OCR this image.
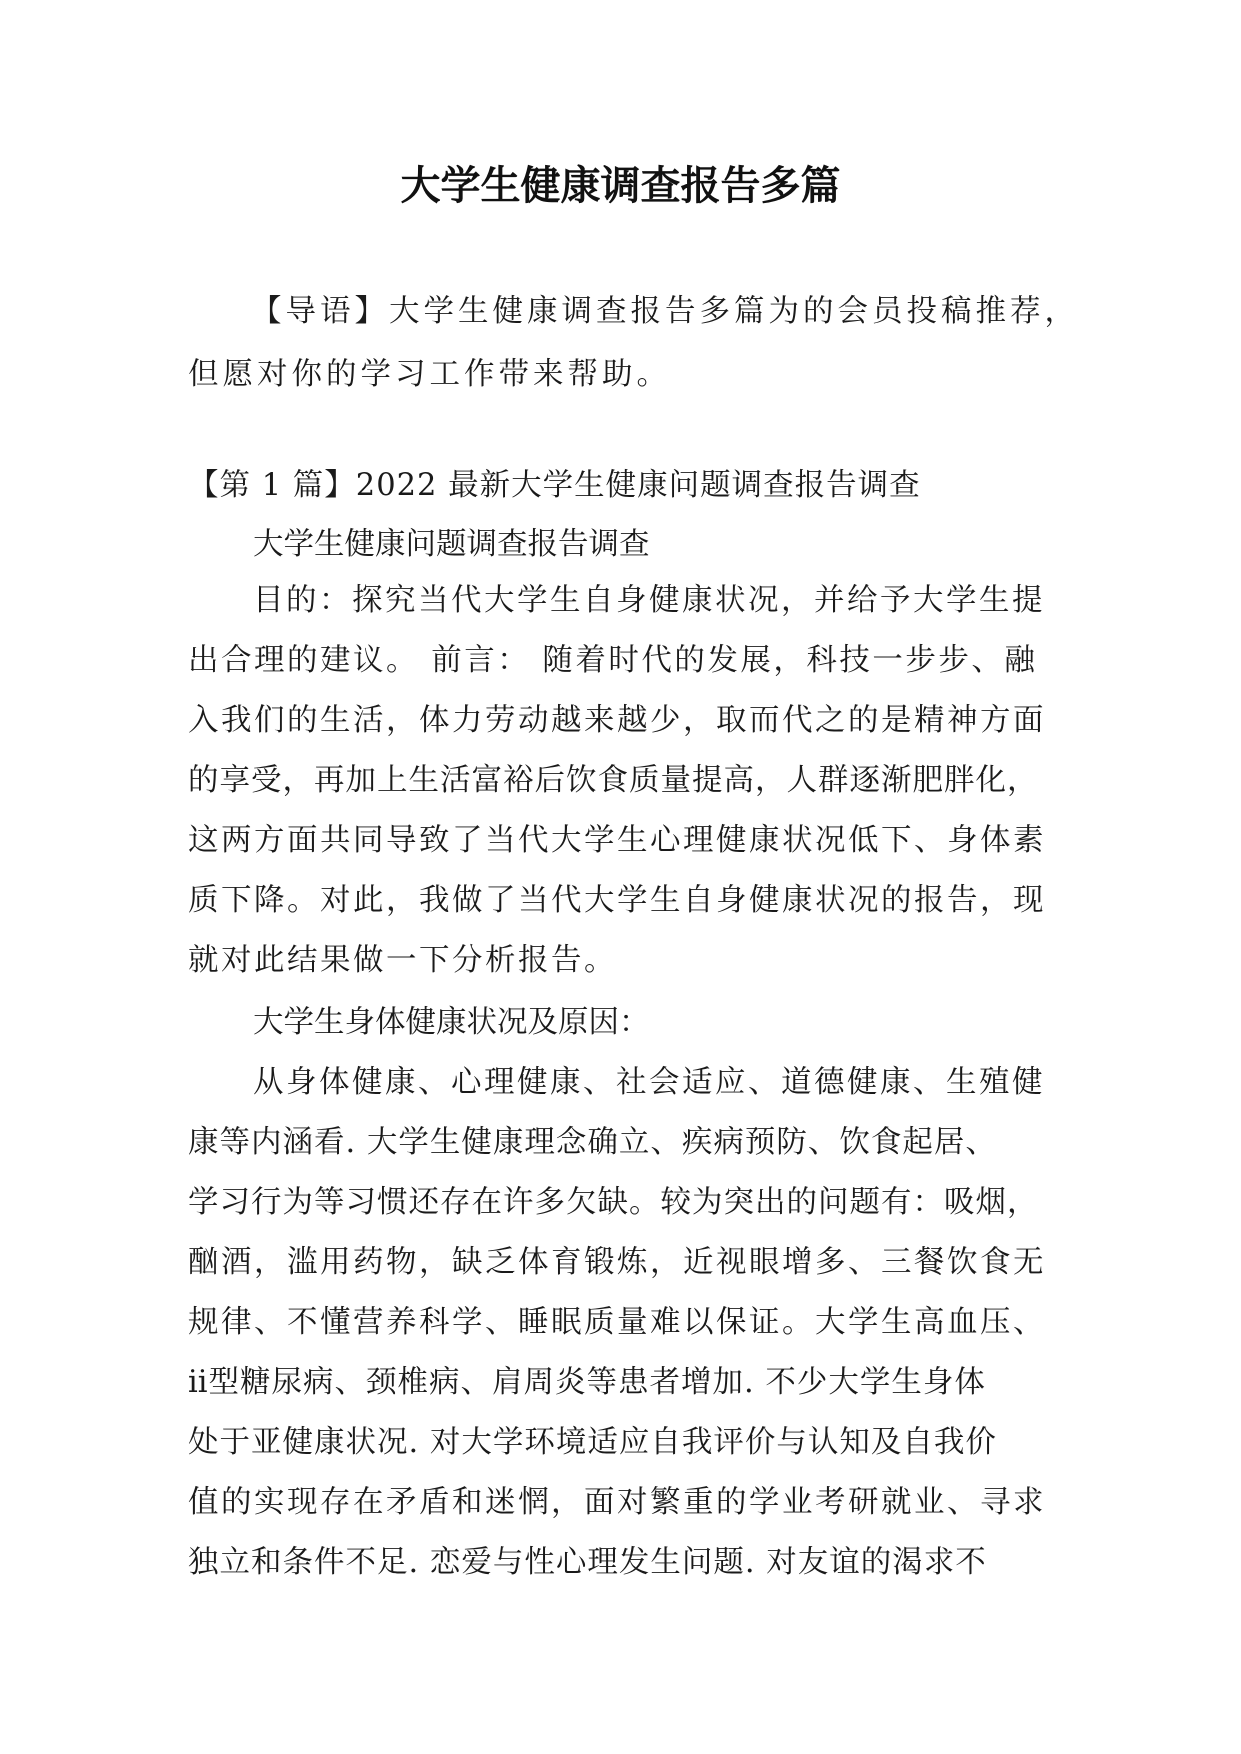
大学生健康调查报告多篇
【导语】大学生健康调查报告多篇为的会员投稿推荐，
但愿对你的学习工作带来帮助。
【第 1 篇】2022 最新大学生健康问题调查报告调查
大学生健康问题调查报告调查
目的：探究当代大学生自身健康状况，并给予大学生提
出合理的建议。 前言： 随着时代的发展，科技一步步、融
入我们的生活，体力劳动越来越少，取而代之的是精神方面
的享受，再加上生活富裕后饮食质量提高，人群逐渐肥胖化，
这两方面共同导致了当代大学生心理健康状况低下、身体素
质下降。对此，我做了当代大学生自身健康状况的报告，现
就对此结果做一下分析报告。
大学生身体健康状况及原因：
从身体健康、心理健康、社会适应、道德健康、生殖健
康等内涵看. 大学生健康理念确立、疾病预防、饮食起居、
学习行为等习惯还存在许多欠缺。较为突出的问题有：吸烟，
酗酒，滥用药物，缺乏体育锻炼，近视眼增多、三餐饮食无
规律、不懂营养科学、睡眠质量难以保证。大学生高血压、
ⅱ型糖尿病、颈椎病、肩周炎等患者增加. 不少大学生身体
处于亚健康状况. 对大学环境适应自我评价与认知及自我价
值的实现存在矛盾和迷惘，面对繁重的学业考研就业、寻求
独立和条件不足. 恋爱与性心理发生问题. 对友谊的渴求不
